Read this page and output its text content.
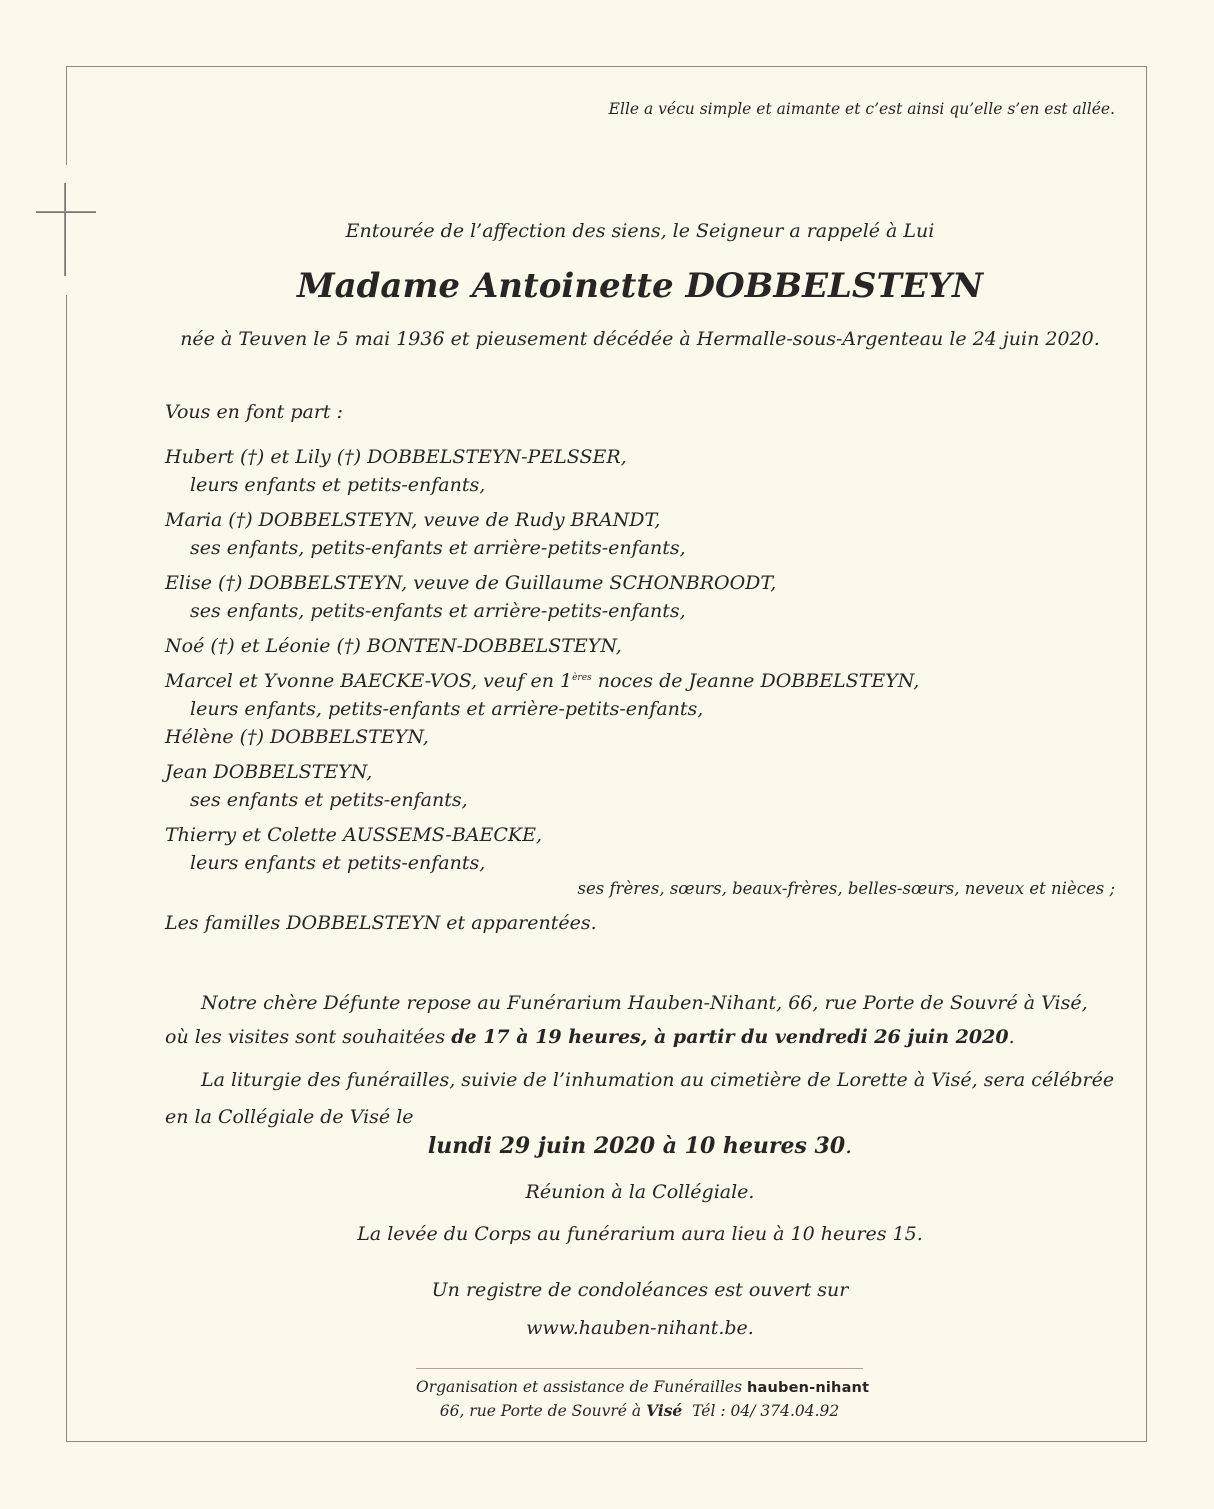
Elle a vécu simple et aimante et c’est ainsi qu’elle s’en est allée.
Entourée de l’affection des siens, le Seigneur a rappelé à Lui
Madame Antoinette DOBBELSTEYN
née à Teuven le 5 mai 1936 et pieusement décédée à Hermalle-sous-Argenteau le 24 juin 2020.
Vous en font part :
Hubert (†) et Lily (†) DOBBELSTEYN-PELSSER,
leurs enfants et petits-enfants,
Maria (†) DOBBELSTEYN, veuve de Rudy BRANDT,
ses enfants, petits-enfants et arrière-petits-enfants,
Elise (†) DOBBELSTEYN, veuve de Guillaume SCHONBROODT,
ses enfants, petits-enfants et arrière-petits-enfants,
Noé (†) et Léonie (†) BONTEN-DOBBELSTEYN,
Marcel et Yvonne BAECKE-VOS, veuf en 1ères noces de Jeanne DOBBELSTEYN,
leurs enfants, petits-enfants et arrière-petits-enfants,
Hélène (†) DOBBELSTEYN,
Jean DOBBELSTEYN,
ses enfants et petits-enfants,
Thierry et Colette AUSSEMS-BAECKE,
leurs enfants et petits-enfants,
ses frères, sœurs, beaux-frères, belles-sœurs, neveux et nièces ;
Les familles DOBBELSTEYN et apparentées.
Notre chère Défunte repose au Funérarium Hauben-Nihant, 66, rue Porte de Souvré à Visé,
où les visites sont souhaitées de 17 à 19 heures, à partir du vendredi 26 juin 2020.
La liturgie des funérailles, suivie de l’inhumation au cimetière de Lorette à Visé, sera célébrée
en la Collégiale de Visé le
lundi 29 juin 2020 à 10 heures 30.
Réunion à la Collégiale.
La levée du Corps au funérarium aura lieu à 10 heures 15.
Un registre de condoléances est ouvert sur
www.hauben-nihant.be.
Organisation et assistance de Funérailles hauben-nihant
66, rue Porte de Souvré à Visé Tél : 04/ 374.04.92
